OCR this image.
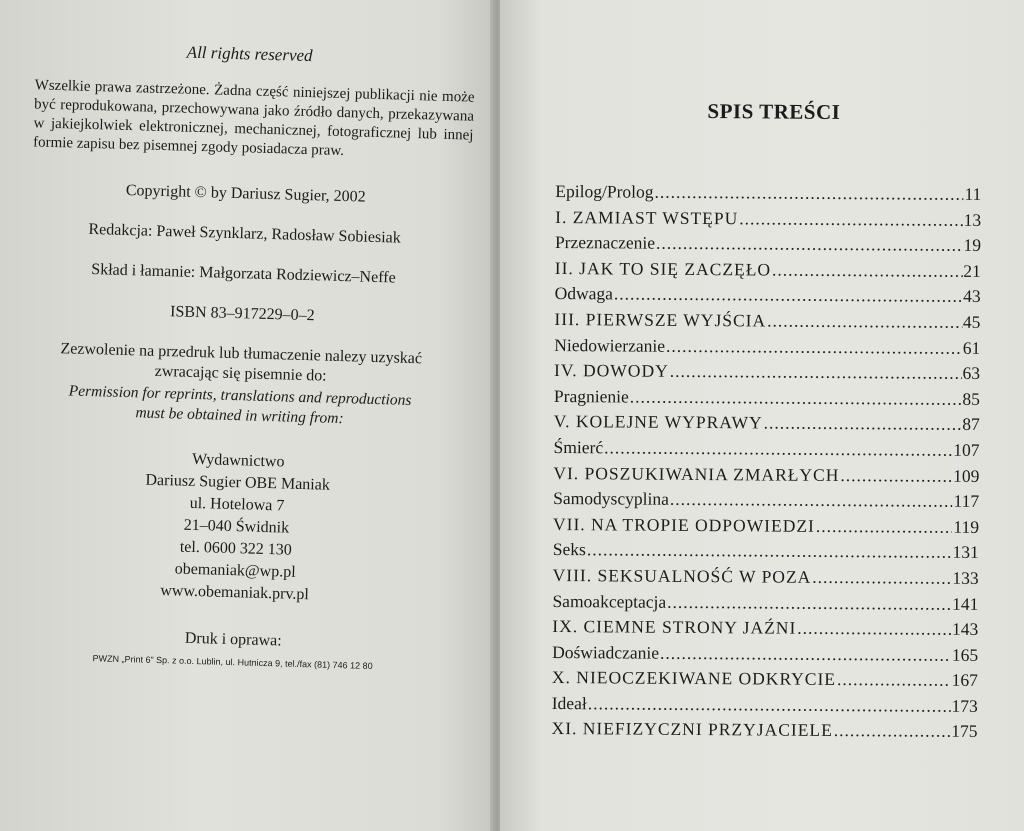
All rights reserved

Wszelkie prawa zastrzeżone. Żadna część niniejszej publikacji nie może być reprodukowana, przechowywana jako źródło danych, przekazywana w jakiejkolwiek elektronicznej, mechanicznej, fotograficznej lub innej formie zapisu bez pisemnej zgody posiadacza praw.

Copyright © by Dariusz Sugier, 2002

Redakcja: Paweł Szynklarz, Radosław Sobiesiak

Skład i łamanie: Małgorzata Rodziewicz–Neffe

ISBN 83–917229–0–2

Zezwolenie na przedruk lub tłumaczenie nalezy uzyskać
zwracając się pisemnie do:
Permission for reprints, translations and reproductions
must be obtained in writing from:
Wydawnictwo
Dariusz Sugier OBE Maniak
ul. Hotelowa 7
21–040 Świdnik
tel. 0600 322 130
obemaniak@wp.pl
www.obemaniak.prv.pl
Druk i oprawa:
PWZN „Print 6” Sp. z o.o. Lublin, ul. Hutnicza 9, tel./fax (81) 746 12 80
SPIS TREŚCI
Epilog/Prolog .....	11
I. ZAMIAST WSTĘPU .....	13
Przeznaczenie .....	19
II. JAK TO SIĘ ZACZĘŁO .....	21
Odwaga .....	43
III. PIERWSZE WYJŚCIA .....	45
Niedowierzanie .....	61
IV. DOWODY .....	63
Pragnienie .....	85
V. KOLEJNE WYPRAWY .....	87
Śmierć .....	107
VI. POSZUKIWANIA ZMARŁYCH .....	109
Samodyscyplina .....	117
VII. NA TROPIE ODPOWIEDZI .....	119
Seks .....	131
VIII. SEKSUALNOŚĆ W POZA .....	133
Samoakceptacja .....	141
IX. CIEMNE STRONY JAŹNI .....	143
Doświadczanie .....	165
X. NIEOCZEKIWANE ODKRYCIE .....	167
Ideał .....	173
XI. NIEFIZYCZNI PRZYJACIELE .....	175
